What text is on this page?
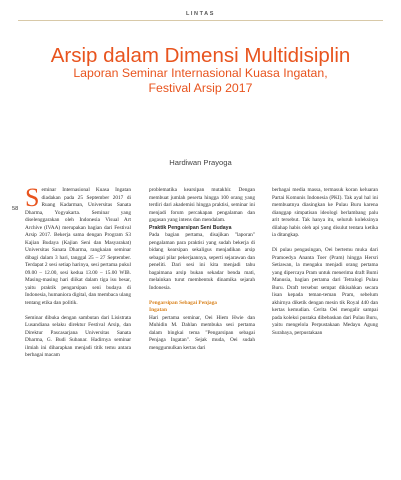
LINTAS
Arsip dalam Dimensi Multidisiplin
Laporan Seminar Internasional Kuasa Ingatan,
Festival Arsip 2017
Hardiwan Prayoga
58 Seminar Internasional Kuasa Ingatan diadakan pada 25 September 2017 di Ruang Kadarman, Universitas Sanata Dharma, Yogyakarta. Seminar yang diselenggarakan oleh Indonesia Visual Art Archive (IVAA) merupakan bagian dari Festival Arsip 2017. Bekerja sama dengan Program S3 Kajian Budaya (Kajian Seni dan Masyarakat) Universitas Sanata Dharma, rangkaian seminar dibagi dalam 3 hari, tanggal 25 – 27 September. Terdapat 2 sesi setiap harinya, sesi pertama pukul 09.00 – 12.00, sesi kedua 13.00 – 15.00 WIB. Masing-masing hari diikat dalam tiga isu besar, yaitu praktik pengarsipan seni budaya di Indonesia, humaniora digital, dan membaca ulang tentang etika dan politik.

Seminar dibuka dengan sambutan dari Lisistrata Lusandiana selaku direktur Festival Arsip, dan Direktur Pascasarjana Universitas Sanata Dharma, G. Budi Subanar. Hadirnya seminar ilmiah ini diharapkan menjadi titik temu antara berbagai macam

problematika kearsipan mutakhir. Dengan membuat jumlah peserta hingga 100 orang yang terdiri dari akademisi hingga praktisi, seminar ini menjadi forum percakapan pengalaman dan gagasan yang intens dan mendalam.

Praktik Pengarsipan Seni Budaya

Pada bagian pertama, disajikan "laporan" pengalaman para praktisi yang sudah bekerja di bidang kearsipan sekaligus menjadikan arsip sebagai pilar pekerjaannya, seperti sejarawan dan peneliti. Dari sesi ini kita menjadi tahu bagaimana arsip bukan sekadar benda mati, melainkan turut membentuk dinamika sejarah Indonesia.

Pengarsipan Sebagai Penjaga

Ingatan

Hari pertama seminar, Oei Hiem Hwie dan Muhidin M. Dahlan membuka sesi pertama dalam bingkai tema "Pengarsipan sebagai Penjaga Ingatan". Sejak muda, Oei sudah menggumulkan kertas dari

berbagai media massa, termasuk koran keluaran Partai Komunis Indonesia (PKI). Tak ayal hal ini membuatnya diasingkan ke Pulau Buru karena dianggap simpatisan ideologi berlambang palu arit tersebut. Tak hanya itu, seluruh koleksinya dilahap habis oleh api yang disulut tentara ketika ia ditangkap.

Di pulau pengasingan, Oei bertemu muka dari Pramoedya Ananta Toer (Pram) hingga Hersri Setiawan, la mengaku menjadi orang pertama yang dipercaya Pram untuk menerima draft Bumi Manusia, bagian pertama dari Tetralogi Pulau Buru. Draft tersebut sempat dikisahkan secara lisan kepada teman-teman Pram, sebelum akhirnya diketik dengan mesin tik Royal 440 dan kertas kemudian. Cerita Oei mengalir sampai pada koleksi pustaka dibebaskan dari Pulau Buru, yaitu mengelola Perpustakaan Medayu Agung Surabaya, perpustakaan
